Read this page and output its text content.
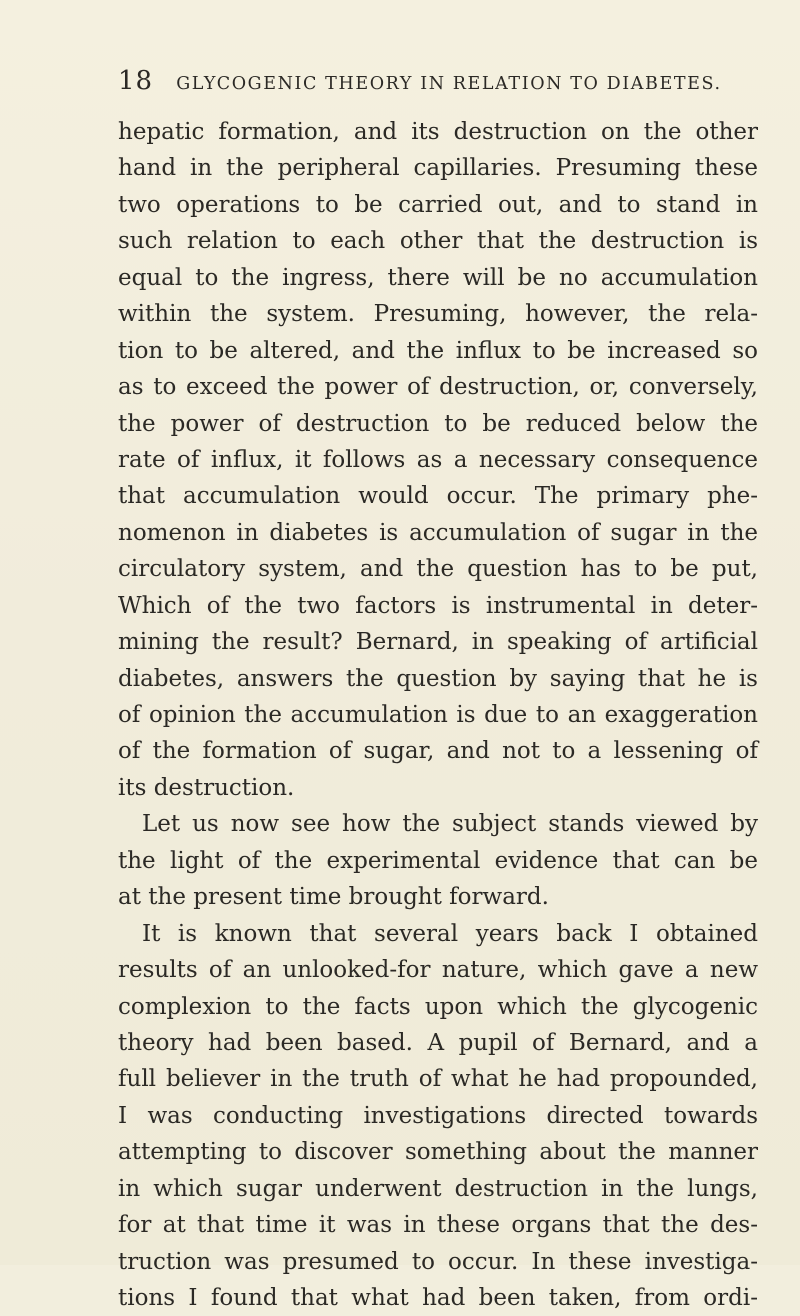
18 GLYCOGENIC THEORY IN RELATION TO DIABETES.
hepatic formation, and its destruction on the other
hand in the peripheral capillaries. Presuming these
two operations to be carried out, and to stand in
such relation to each other that the destruction is
equal to the ingress, there will be no accumulation
within the system. Presuming, however, the rela-
tion to be altered, and the influx to be increased so
as to exceed the power of destruction, or, conversely,
the power of destruction to be reduced below the
rate of influx, it follows as a necessary consequence
that accumulation would occur. The primary phe-
nomenon in diabetes is accumulation of sugar in the
circulatory system, and the question has to be put,
Which of the two factors is instrumental in deter-
mining the result? Bernard, in speaking of artificial
diabetes, answers the question by saying that he is
of opinion the accumulation is due to an exaggeration
of the formation of sugar, and not to a lessening of
its destruction.
Let us now see how the subject stands viewed by
the light of the experimental evidence that can be
at the present time brought forward.
It is known that several years back I obtained
results of an unlooked-for nature, which gave a new
complexion to the facts upon which the glycogenic
theory had been based. A pupil of Bernard, and a
full believer in the truth of what he had propounded,
I was conducting investigations directed towards
attempting to discover something about the manner
in which sugar underwent destruction in the lungs,
for at that time it was in these organs that the des-
truction was presumed to occur. In these investiga-
tions I found that what had been taken, from ordi-
